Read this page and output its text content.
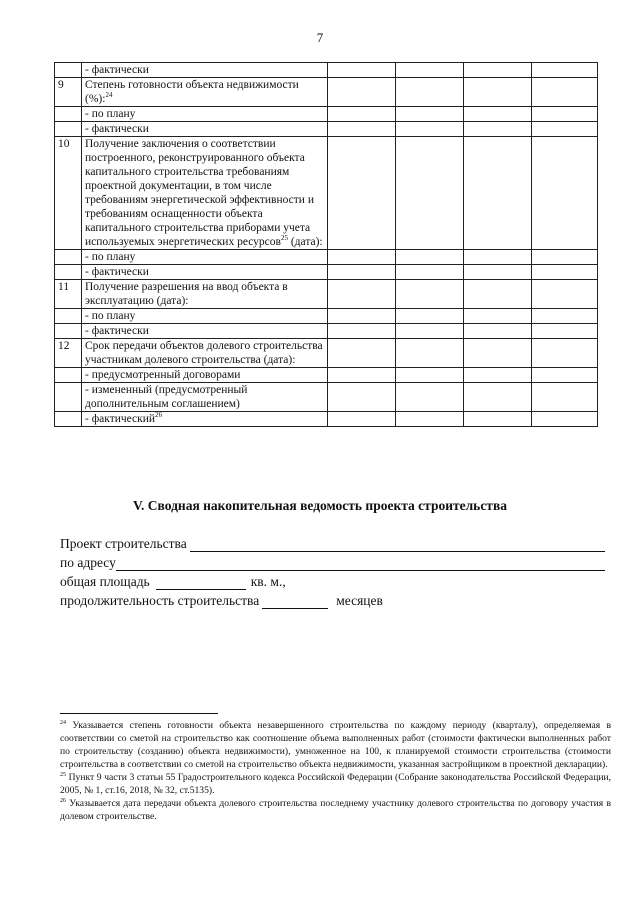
7
	- фактически				
9	Степень готовности объекта недвижимости (%):$^{24}$				
	- по плану				
	- фактически				
10	Получение заключения о соответствии построенного, реконструированного объекта капитального строительства требованиям проектной документации, в том числе требованиям энергетической эффективности и требованиям оснащенности объекта капитального строительства приборами учета используемых энергетических ресурсов$^{25}$ (дата):				
	- по плану				
	- фактически				
11	Получение разрешения на ввод объекта в эксплуатацию (дата):				
	- по плану				
	- фактически				
12	Срок передачи объектов долевого строительства участникам долевого строительства (дата):				
	- предусмотренный договорами				
	- измененный (предусмотренный дополнительным соглашением)				
	- фактический$^{26}$				
V. Сводная накопительная ведомость проекта строительства
Проект строительства
по адресу
общая площадь	кв. м.,
продолжительность строительства	месяцев

$^{24}$ Указывается степень готовности объекта незавершенного строительства по каждому периоду (кварталу), определяемая в соответствии со сметой на строительство как соотношение объема выполненных работ (стоимости фактически выполненных работ по строительству (созданию) объекта недвижимости), умноженное на 100, к планируемой стоимости строительства (стоимости строительства в соответствии со сметой на строительство объекта недвижимости, указанная застройщиком в проектной декларации).

$^{25}$ Пункт 9 части 3 статьи 55 Градостроительного кодекса Российской Федерации (Собрание законодательства Российской Федерации, 2005, № 1, ст.16, 2018, № 32, ст.5135).

$^{26}$ Указывается дата передачи объекта долевого строительства последнему участнику долевого строительства по договору участия в долевом строительстве.
